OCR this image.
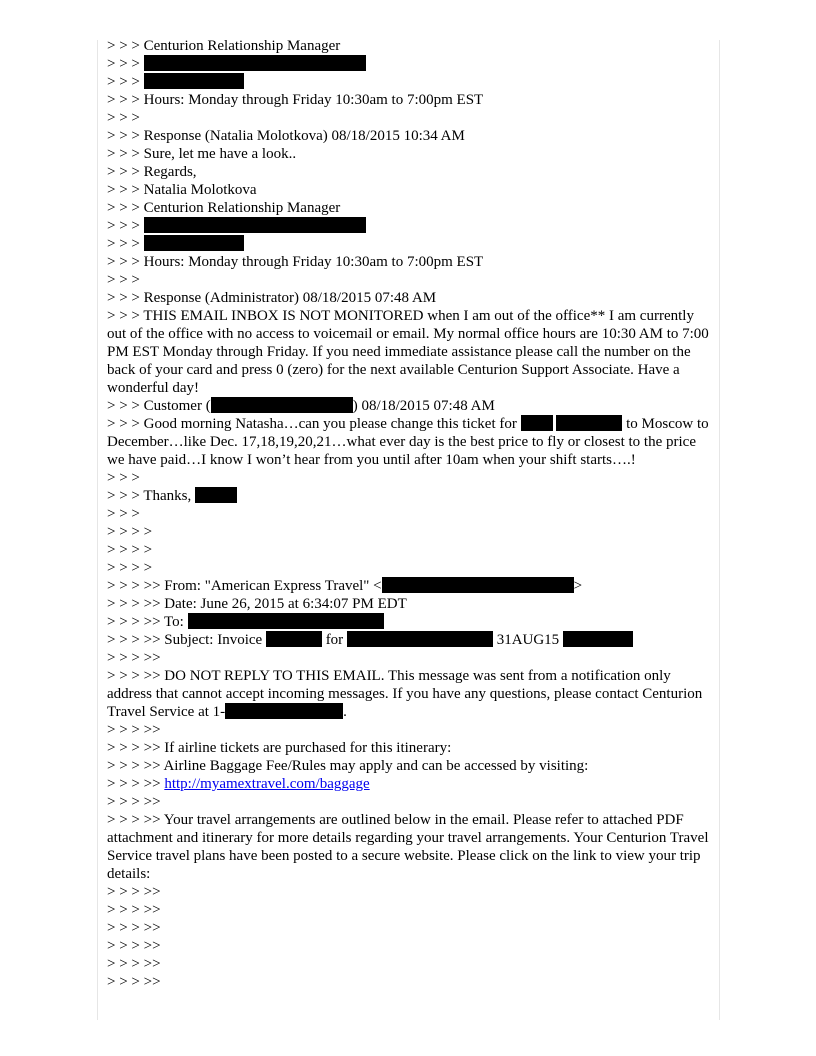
> > > Centurion Relationship Manager
> > >
> > >
> > > Hours: Monday through Friday 10:30am to 7:00pm EST
> > >
> > > Response (Natalia Molotkova) 08/18/2015 10:34 AM
> > > Sure, let me have a look..
> > > Regards,
> > > Natalia Molotkova
> > > Centurion Relationship Manager
> > >
> > >
> > > Hours: Monday through Friday 10:30am to 7:00pm EST
> > >
> > > Response (Administrator) 08/18/2015 07:48 AM
> > > THIS EMAIL INBOX IS NOT MONITORED when I am out of the office** I am currently out of the office with no access to voicemail or email. My normal office hours are 10:30 AM to 7:00 PM EST Monday through Friday. If you need immediate assistance please call the number on the back of your card and press 0 (zero) for the next available Centurion Support Associate. Have a wonderful day!
> > > Customer (	) 08/18/2015 07:48 AM
> > > Good morning Natasha…can you please change this ticket for	to Moscow to December…like Dec. 17,18,19,20,21…what ever day is the best price to fly or closest to the price we have paid…I know I won’t hear from you until after 10am when your shift starts….!
> > >
> > > Thanks,
> > >
> > > >
> > > >
> > > >
> > > >> From: "American Express Travel" <	>
> > > >> Date: June 26, 2015 at 6:34:07 PM EDT
> > > >> To:
> > > >> Subject: Invoice	for	31AUG15
> > > >>
> > > >> DO NOT REPLY TO THIS EMAIL. This message was sent from a notification only address that cannot accept incoming messages. If you have any questions, please contact Centurion Travel Service at 1-	.
> > > >>
> > > >> If airline tickets are purchased for this itinerary:
> > > >> Airline Baggage Fee/Rules may apply and can be accessed by visiting:
> > > >> http://myamextravel.com/baggage
> > > >>
> > > >> Your travel arrangements are outlined below in the email. Please refer to attached PDF attachment and itinerary for more details regarding your travel arrangements. Your Centurion Travel Service travel plans have been posted to a secure website. Please click on the link to view your trip details:
> > > >>
> > > >>
> > > >>
> > > >>
> > > >>
> > > >>
